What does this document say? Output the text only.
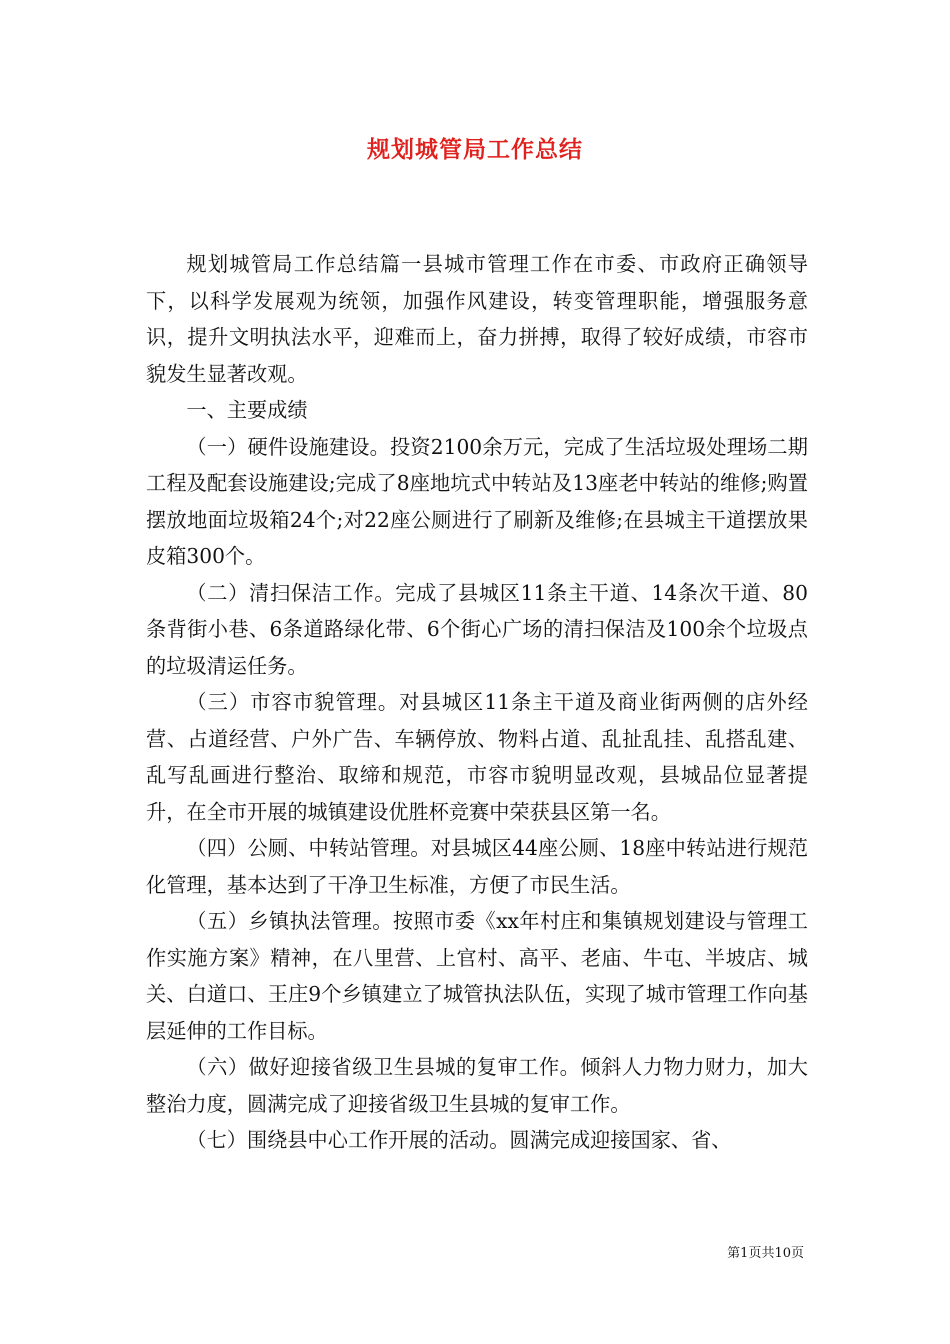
规划城管局工作总结

规划城管局工作总结篇一县城市管理工作在市委、市政府正确领导下，以科学发展观为统领，加强作风建设，转变管理职能，增强服务意识，提升文明执法水平，迎难而上，奋力拼搏，取得了较好成绩，市容市貌发生显著改观。

一、主要成绩

（一）硬件设施建设。投资2100余万元，完成了生活垃圾处理场二期工程及配套设施建设;完成了8座地坑式中转站及13座老中转站的维修;购置摆放地面垃圾箱24个;对22座公厕进行了刷新及维修;在县城主干道摆放果皮箱300个。

（二）清扫保洁工作。完成了县城区11条主干道、14条次干道、80条背街小巷、6条道路绿化带、6个街心广场的清扫保洁及100余个垃圾点的垃圾清运任务。

（三）市容市貌管理。对县城区11条主干道及商业街两侧的店外经营、占道经营、户外广告、车辆停放、物料占道、乱扯乱挂、乱搭乱建、乱写乱画进行整治、取缔和规范，市容市貌明显改观，县城品位显著提升，在全市开展的城镇建设优胜杯竞赛中荣获县区第一名。

（四）公厕、中转站管理。对县城区44座公厕、18座中转站进行规范化管理，基本达到了干净卫生标准，方便了市民生活。

（五）乡镇执法管理。按照市委《xx年村庄和集镇规划建设与管理工作实施方案》精神，在八里营、上官村、高平、老庙、牛屯、半坡店、城关、白道口、王庄9个乡镇建立了城管执法队伍，实现了城市管理工作向基层延伸的工作目标。

（六）做好迎接省级卫生县城的复审工作。倾斜人力物力财力，加大整治力度，圆满完成了迎接省级卫生县城的复审工作。

（七）围绕县中心工作开展的活动。圆满完成迎接国家、省、

第1页共10页
